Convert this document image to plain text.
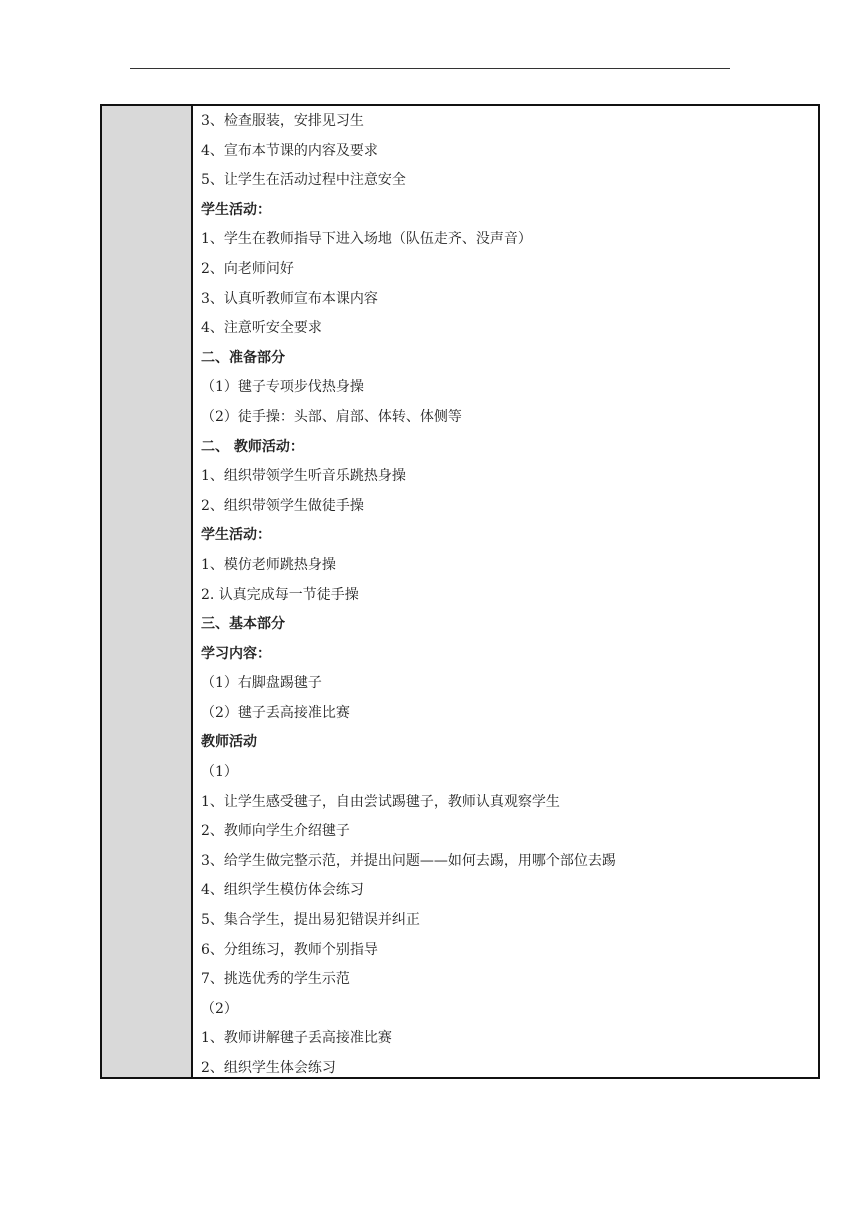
3、检查服装，安排见习生
4、宣布本节课的内容及要求
5、让学生在活动过程中注意安全
学生活动：
1、学生在教师指导下进入场地（队伍走齐、没声音）
2、向老师问好
3、认真听教师宣布本课内容
4、注意听安全要求
二、准备部分
（1）毽子专项步伐热身操
（2）徒手操：头部、肩部、体转、体侧等
二、 教师活动：
1、组织带领学生听音乐跳热身操
2、组织带领学生做徒手操
学生活动：
1、模仿老师跳热身操
2. 认真完成每一节徒手操
三、基本部分
学习内容：
（1）右脚盘踢毽子
（2）毽子丢高接准比赛
教师活动
（1）
1、让学生感受毽子，自由尝试踢毽子，教师认真观察学生
2、教师向学生介绍毽子
3、给学生做完整示范，并提出问题——如何去踢，用哪个部位去踢
4、组织学生模仿体会练习
5、集合学生，提出易犯错误并纠正
6、分组练习，教师个别指导
7、挑选优秀的学生示范
（2）
1、教师讲解毽子丢高接准比赛
2、组织学生体会练习
